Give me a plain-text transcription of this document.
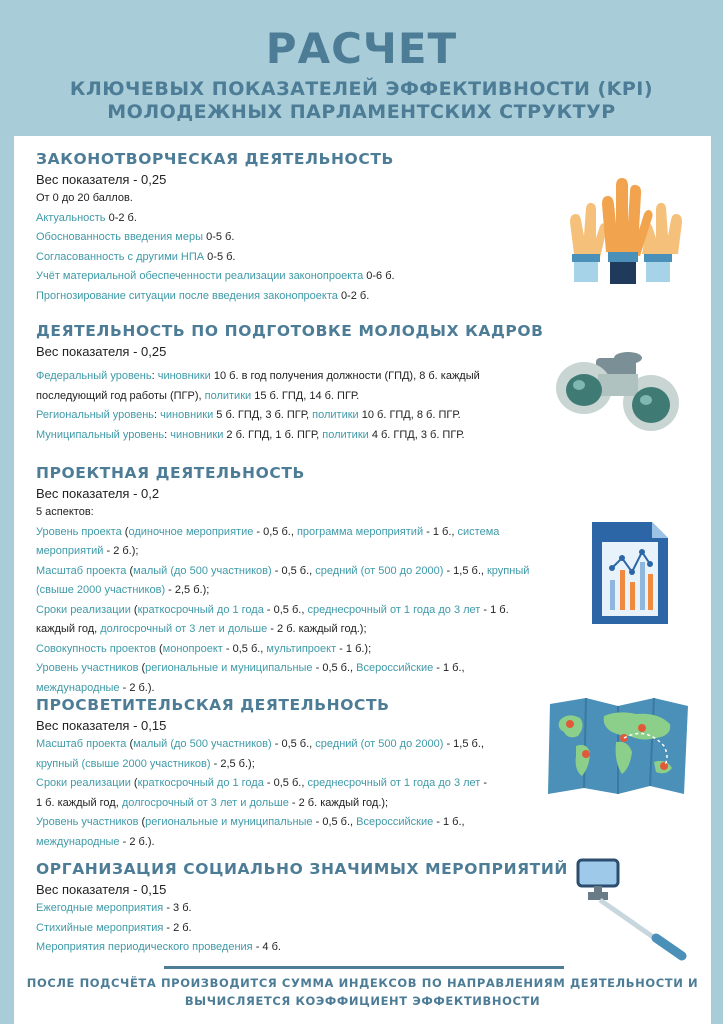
РАСЧЕТ
КЛЮЧЕВЫХ ПОКАЗАТЕЛЕЙ ЭФФЕКТИВНОСТИ (KPI)
МОЛОДЕЖНЫХ ПАРЛАМЕНТСКИХ СТРУКТУР
ЗАКОНОТВОРЧЕСКАЯ ДЕЯТЕЛЬНОСТЬ
Вес показателя - 0,25
От 0 до 20 баллов.
Актуальность 0-2 б.
Обоснованность введения меры 0-5 б.
Согласованность с другими НПА 0-5 б.
Учёт материальной обеспеченности реализации законопроекта 0-6 б.
Прогнозирование ситуации после введения законопроекта 0-2 б.
ДЕЯТЕЛЬНОСТЬ ПО ПОДГОТОВКЕ МОЛОДЫХ КАДРОВ
Вес показателя - 0,25
Федеральный уровень: чиновники 10 б. в год получения должности (ГПД), 8 б. каждый
последующий год работы (ПГР), политики 15 б. ГПД, 14 б. ПГР.
Региональный уровень: чиновники 5 б. ГПД, 3 б. ПГР, политики 10 б. ГПД, 8 б. ПГР.
Муниципальный уровень: чиновники 2 б. ГПД, 1 б. ПГР, политики 4 б. ГПД, 3 б. ПГР.
ПРОЕКТНАЯ ДЕЯТЕЛЬНОСТЬ
Вес показателя - 0,2
5 аспектов:
Уровень проекта (одиночное мероприятие - 0,5 б., программа мероприятий - 1 б., система
мероприятий - 2 б.);
Масштаб проекта (малый (до 500 участников) - 0,5 б., средний (от 500 до 2000) - 1,5 б., крупный
(свыше 2000 участников) - 2,5 б.);
Сроки реализации (краткосрочный до 1 года - 0,5 б., среднесрочный от 1 года до 3 лет - 1 б.
каждый год, долгосрочный от 3 лет и дольше - 2 б. каждый год.);
Совокупность проектов (монопроект - 0,5 б., мультипроект - 1 б.);
Уровень участников (региональные и муниципальные - 0,5 б., Всероссийские - 1 б.,
международные - 2 б.).
ПРОСВЕТИТЕЛЬСКАЯ ДЕЯТЕЛЬНОСТЬ
Вес показателя - 0,15
Масштаб проекта (малый (до 500 участников) - 0,5 б., средний (от 500 до 2000) - 1,5 б.,
крупный (свыше 2000 участников) - 2,5 б.);
Сроки реализации (краткосрочный до 1 года - 0,5 б., среднесрочный от 1 года до 3 лет -
1 б. каждый год, долгосрочный от 3 лет и дольше - 2 б. каждый год.);
Уровень участников (региональные и муниципальные - 0,5 б., Всероссийские - 1 б.,
международные - 2 б.).
ОРГАНИЗАЦИЯ СОЦИАЛЬНО ЗНАЧИМЫХ МЕРОПРИЯТИЙ
Вес показателя - 0,15
Ежегодные мероприятия - 3 б.
Стихийные мероприятия - 2 б.
Мероприятия периодического проведения - 4 б.
ПОСЛЕ ПОДСЧЁТА ПРОИЗВОДИТСЯ СУММА ИНДЕКСОВ ПО НАПРАВЛЕНИЯМ ДЕЯТЕЛЬНОСТИ И
ВЫЧИСЛЯЕТСЯ КОЭФФИЦИЕНТ ЭФФЕКТИВНОСТИ
